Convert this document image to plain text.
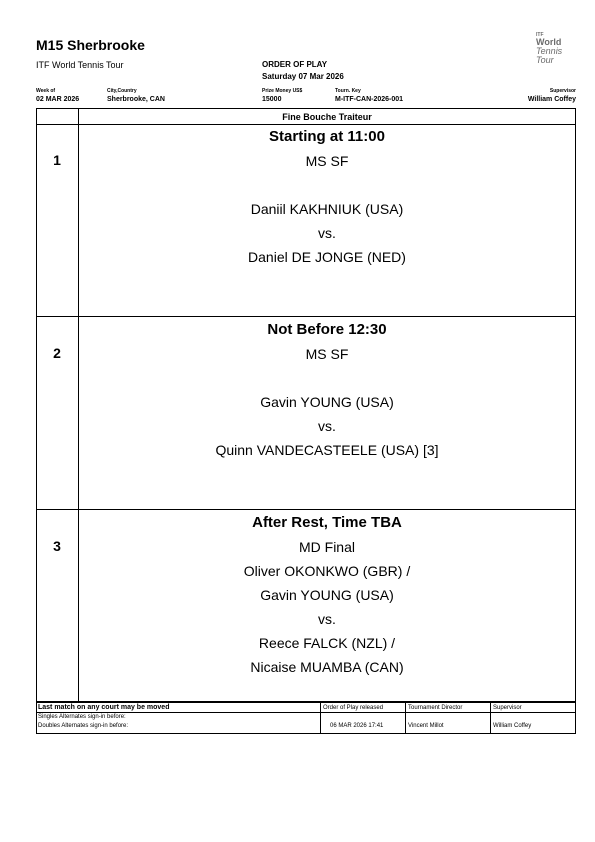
M15 Sherbrooke
ITF World Tennis Tour	ORDER OF PLAY
Saturday 07 Mar 2026
ITF
World
Tennis
Tour
Week of
02 MAR 2026
City,Country
Sherbrooke, CAN
Prize Money US$
15000
Tourn. Key
M-ITF-CAN-2026-001
Supervisor
William Coffey
Fine Bouche Traiteur
1
Starting at 11:00
MS SF
Daniil KAKHNIUK (USA)
vs.
Daniel DE JONGE (NED)
2
Not Before 12:30
MS SF
Gavin YOUNG (USA)
vs.
Quinn VANDECASTEELE (USA) [3]
3
After Rest, Time TBA
MD Final
Oliver OKONKWO (GBR) /
Gavin YOUNG (USA)
vs.
Reece FALCK (NZL) /
Nicaise MUAMBA (CAN)
Last match on any court may be moved
Singles Alternates sign-in before:
Doubles Alternates sign-in before:
Order of Play released
06 MAR 2026 17:41
Tournament Director
Vincent Millot
Supervisor
William Coffey
